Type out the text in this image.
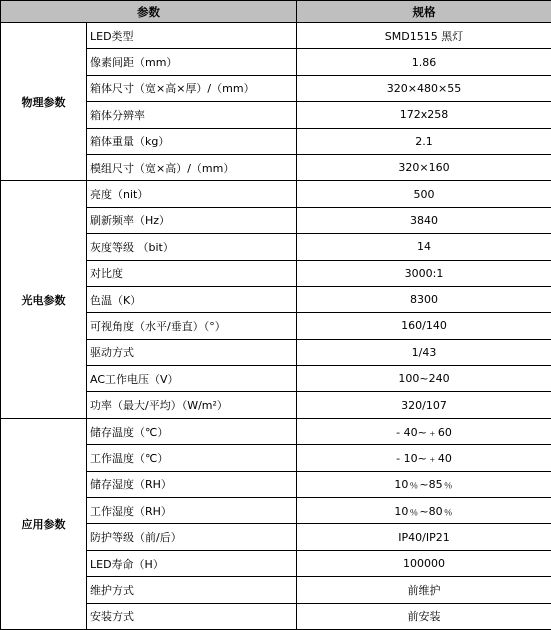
参数		规格
物理参数	LED类型	SMD1515 黑灯
	像素间距（mm）	1.86
	箱体尺寸（宽×高×厚）/（mm）	320×480×55
	箱体分辨率	172x258
	箱体重量（kg）	2.1
	模组尺寸（宽×高）/（mm）	320×160
光电参数	亮度（nit）	500
	刷新频率（Hz）	3840
	灰度等级 （bit）	14
	对比度	3000:1
	色温（K）	8300
	可视角度（水平/垂直）（°）	160/140
	驱动方式	1/43
	AC工作电压（V）	100~240
	功率（最大/平均）（W/m²）	320/107
应用参数	储存温度（℃）	- 40~﹢60
	工作温度（℃）	- 10~﹢40
	储存湿度（RH）	10﹪~85﹪
	工作湿度（RH）	10﹪~80﹪
	防护等级（前/后）	IP40/IP21
	LED寿命（H）	100000
	维护方式	前维护
	安装方式	前安装
